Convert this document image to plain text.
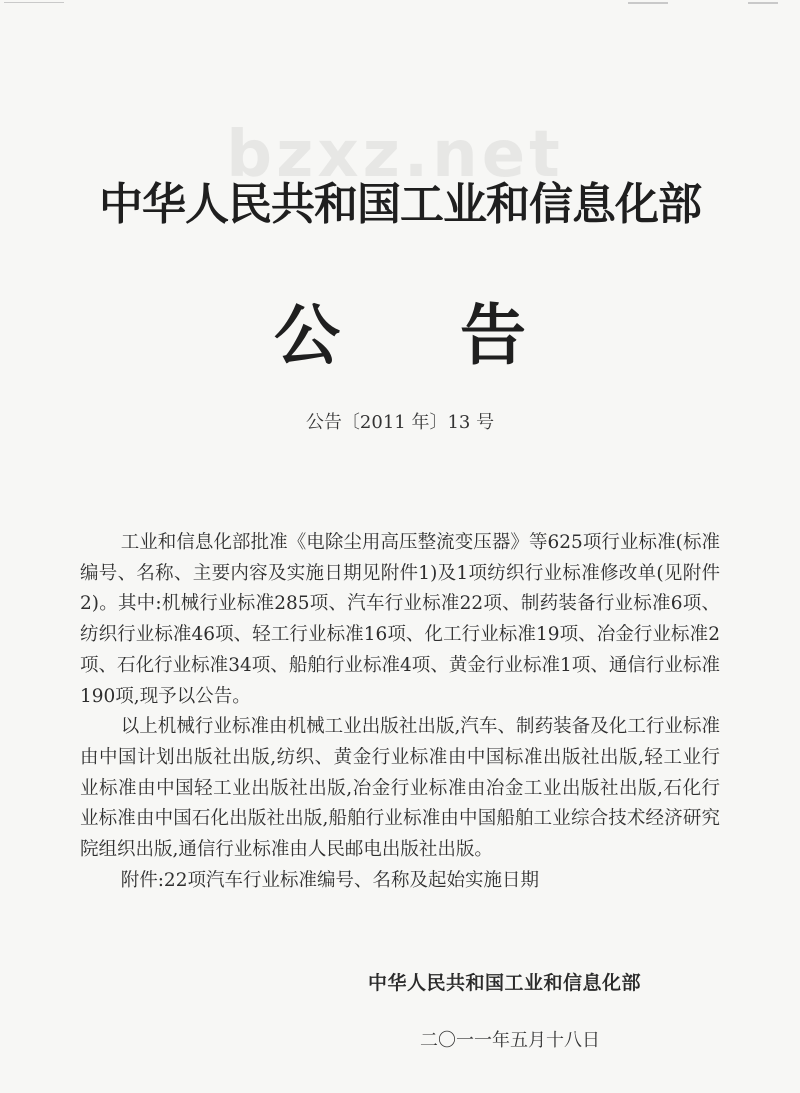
bzxz.net
中华人民共和国工业和信息化部
公告
公告〔2011 年〕13 号

工业和信息化部批准《电除尘用高压整流变压器》等625项行业标准(标准编号、名称、主要内容及实施日期见附件1)及1项纺织行业标准修改单(见附件2)。其中:机械行业标准285项、汽车行业标准22项、制药装备行业标准6项、纺织行业标准46项、轻工行业标准16项、化工行业标准19项、冶金行业标准2项、石化行业标准34项、船舶行业标准4项、黄金行业标准1项、通信行业标准190项,现予以公告。

以上机械行业标准由机械工业出版社出版,汽车、制药装备及化工行业标准由中国计划出版社出版,纺织、黄金行业标准由中国标准出版社出版,轻工业行业标准由中国轻工业出版社出版,冶金行业标准由冶金工业出版社出版,石化行业标准由中国石化出版社出版,船舶行业标准由中国船舶工业综合技术经济研究院组织出版,通信行业标准由人民邮电出版社出版。

附件:22项汽车行业标准编号、名称及起始实施日期

中华人民共和国工业和信息化部
二〇一一年五月十八日
